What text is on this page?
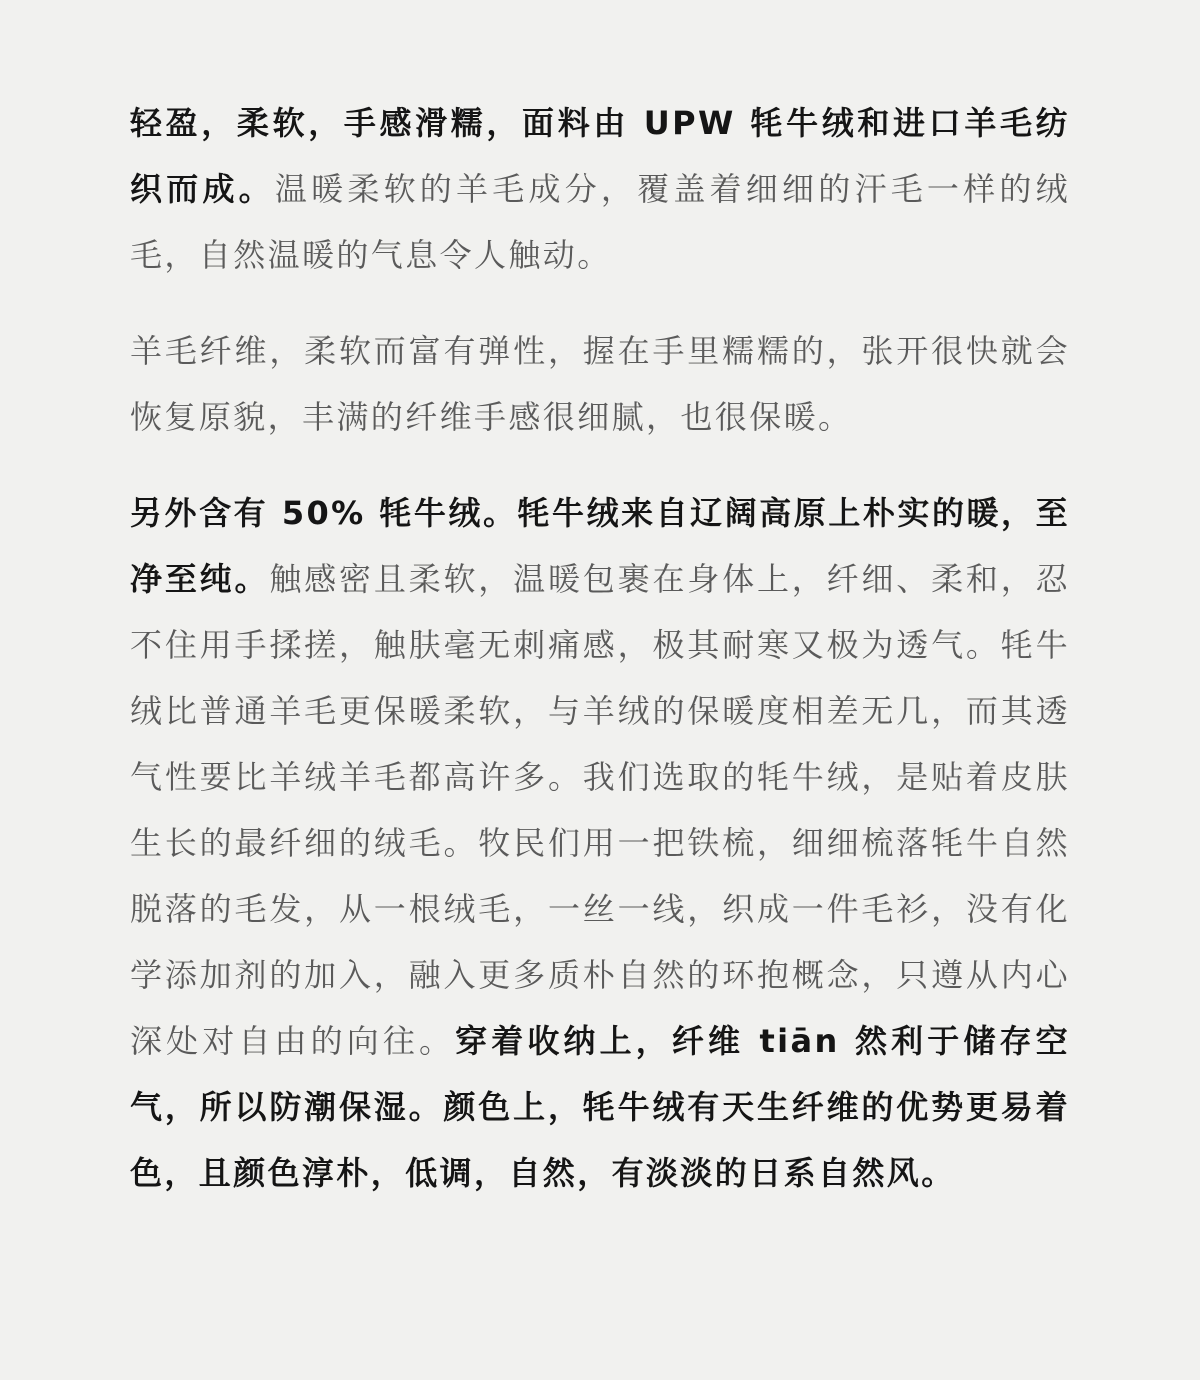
轻盈，柔软，手感滑糯，面料由 UPW 牦牛绒和进口羊毛纺织而成。温暖柔软的羊毛成分，覆盖着细细的汗毛一样的绒毛，自然温暖的气息令人触动。

羊毛纤维，柔软而富有弹性，握在手里糯糯的，张开很快就会恢复原貌，丰满的纤维手感很细腻，也很保暖。

另外含有 50% 牦牛绒。牦牛绒来自辽阔高原上朴实的暖，至净至纯。触感密且柔软，温暖包裹在身体上，纤细、柔和，忍不住用手揉搓，触肤毫无刺痛感，极其耐寒又极为透气。牦牛绒比普通羊毛更保暖柔软，与羊绒的保暖度相差无几，而其透气性要比羊绒羊毛都高许多。我们选取的牦牛绒，是贴着皮肤生长的最纤细的绒毛。牧民们用一把铁梳，细细梳落牦牛自然脱落的毛发，从一根绒毛，一丝一线，织成一件毛衫，没有化学添加剂的加入，融入更多质朴自然的环抱概念，只遵从内心深处对自由的向往。穿着收纳上，纤维 tiān 然利于储存空气，所以防潮保湿。颜色上，牦牛绒有天生纤维的优势更易着色，且颜色淳朴，低调，自然，有淡淡的日系自然风。
